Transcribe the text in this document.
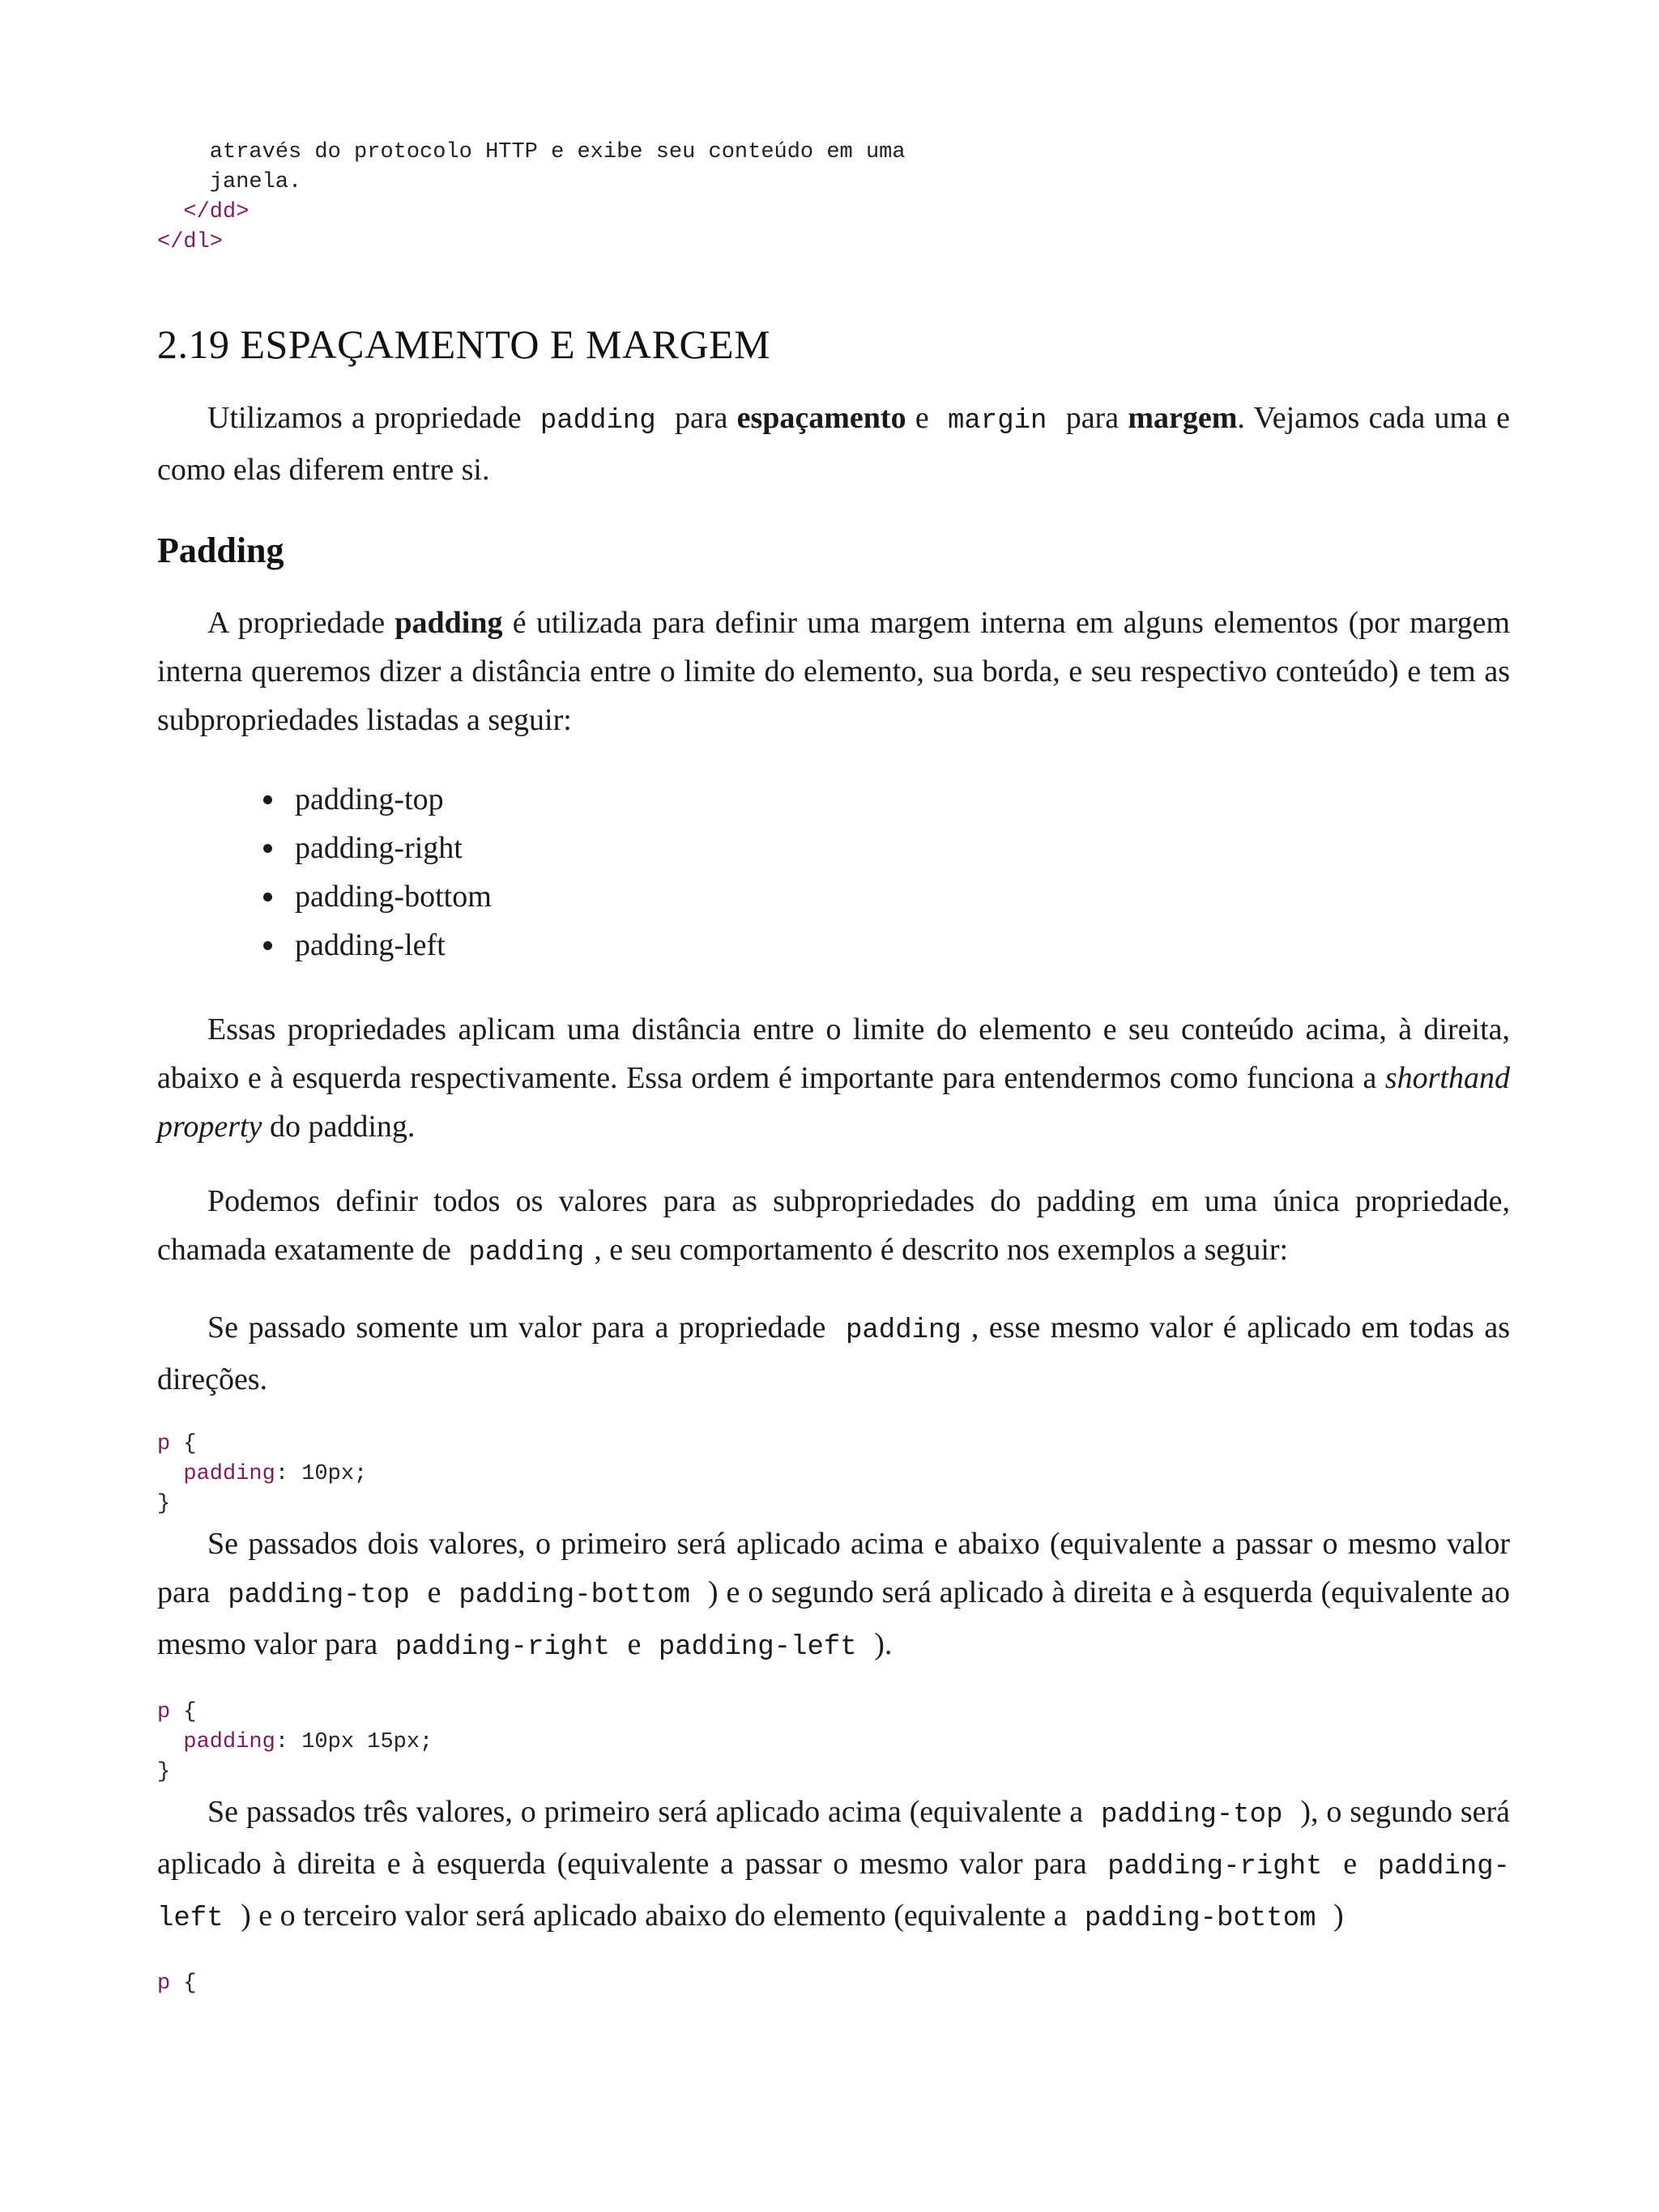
através do protocolo HTTP e exibe seu conteúdo em uma
janela.
</dd>
</dl>
2.19 ESPAÇAMENTO E MARGEM

Utilizamos a propriedade padding para espaçamento e margin para margem. Vejamos cada uma e como elas diferem entre si.

Padding

A propriedade padding é utilizada para definir uma margem interna em alguns elementos (por margem interna queremos dizer a distância entre o limite do elemento, sua borda, e seu respectivo conteúdo) e tem as subpropriedades listadas a seguir:

• padding-top
• padding-right
• padding-bottom
• padding-left

Essas propriedades aplicam uma distância entre o limite do elemento e seu conteúdo acima, à direita, abaixo e à esquerda respectivamente. Essa ordem é importante para entendermos como funciona a shorthand property do padding.

Podemos definir todos os valores para as subpropriedades do padding em uma única propriedade, chamada exatamente de padding , e seu comportamento é descrito nos exemplos a seguir:

Se passado somente um valor para a propriedade padding , esse mesmo valor é aplicado em todas as direções.

p {
padding: 10px;
}

Se passados dois valores, o primeiro será aplicado acima e abaixo (equivalente a passar o mesmo valor para padding-top e padding-bottom ) e o segundo será aplicado à direita e à esquerda (equivalente ao mesmo valor para padding-right e padding-left ).

p {
padding: 10px 15px;
}

Se passados três valores, o primeiro será aplicado acima (equivalente a padding-top ), o segundo será aplicado à direita e à esquerda (equivalente a passar o mesmo valor para padding-right e padding-left ) e o terceiro valor será aplicado abaixo do elemento (equivalente a padding-bottom )

p {
